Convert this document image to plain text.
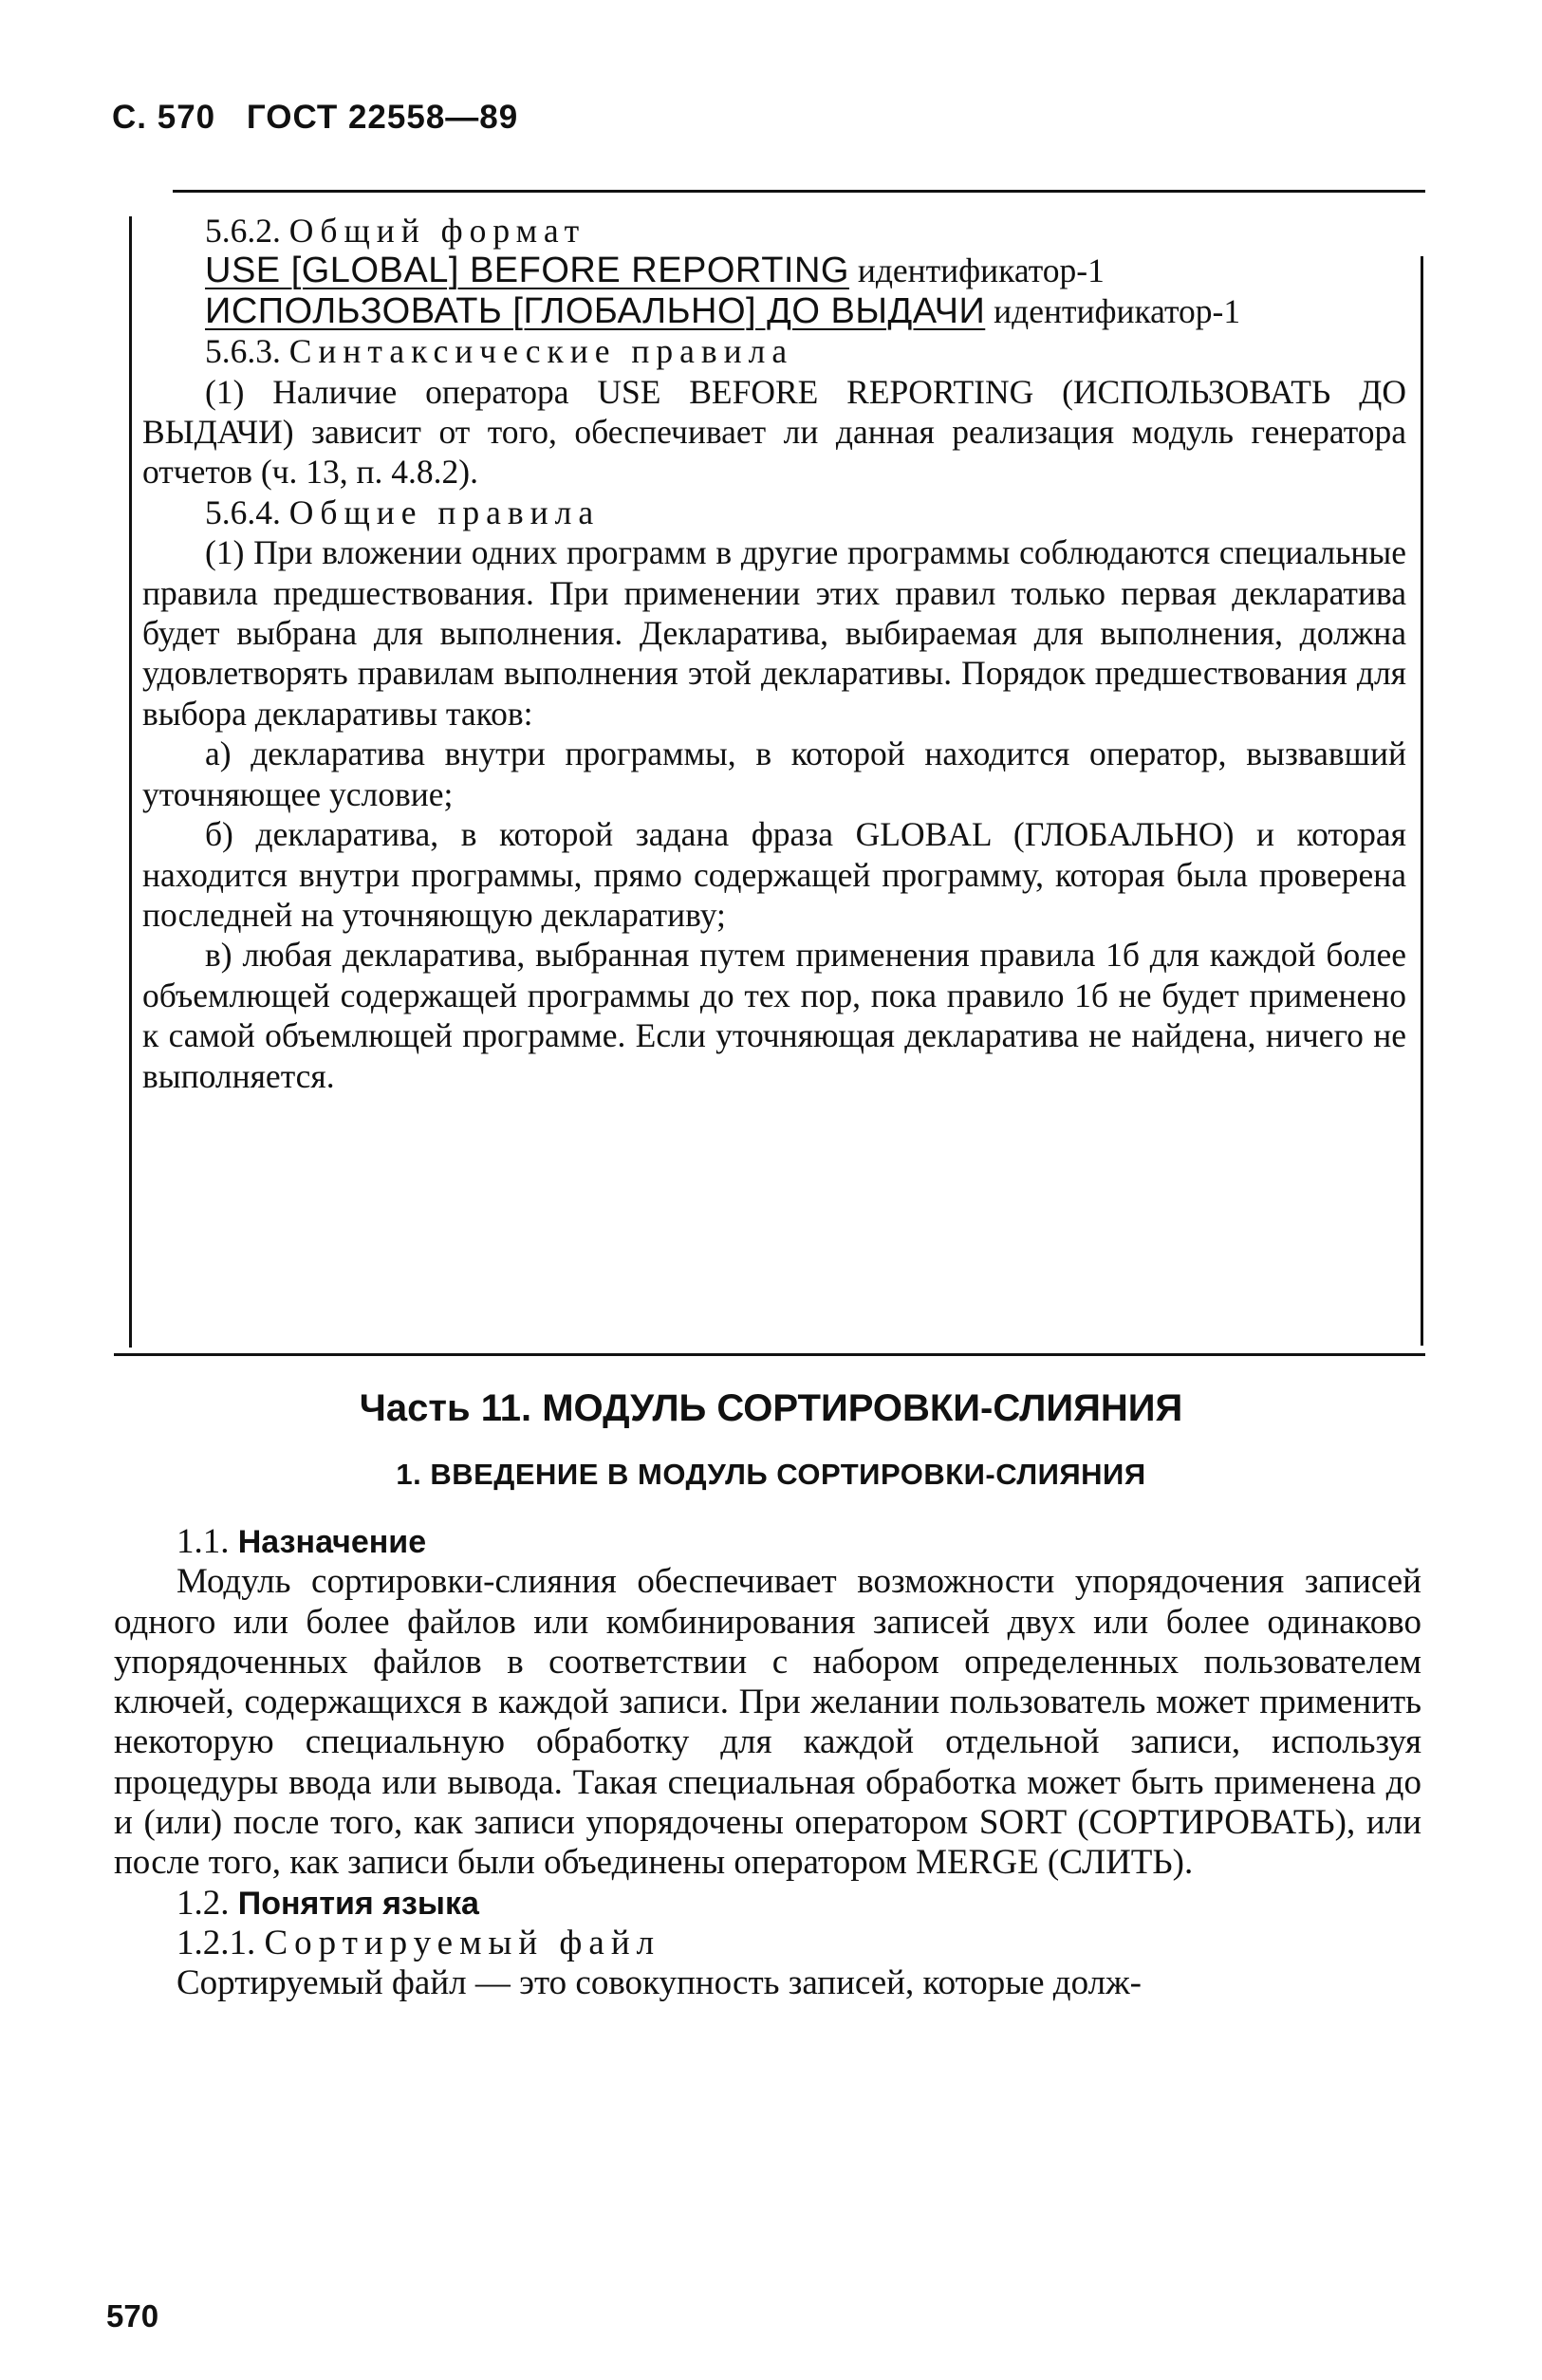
С. 570 ГОСТ 22558—89

5.6.2. Общий формат

USE [GLOBAL] BEFORE REPORTING идентификатор-1

ИСПОЛЬЗОВАТЬ [ГЛОБАЛЬНО] ДО ВЫДАЧИ идентификатор-1

5.6.3. Синтаксические правила

(1) Наличие оператора USE BEFORE REPORTING (ИСПОЛЬЗОВАТЬ ДО ВЫДАЧИ) зависит от того, обеспечивает ли данная реализация модуль генератора отчетов (ч. 13, п. 4.8.2).

5.6.4. Общие правила

(1) При вложении одних программ в другие программы соблюдаются специальные правила предшествования. При применении этих правил только первая декларатива будет выбрана для выполнения. Декларатива, выбираемая для выполнения, должна удовлетворять правилам выполнения этой декларативы. Порядок предшествования для выбора декларативы таков:

а) декларатива внутри программы, в которой находится оператор, вызвавший уточняющее условие;

б) декларатива, в которой задана фраза GLOBAL (ГЛОБАЛЬНО) и которая находится внутри программы, прямо содержащей программу, которая была проверена последней на уточняющую декларативу;

в) любая декларатива, выбранная путем применения правила 1б для каждой более объемлющей содержащей программы до тех пор, пока правило 1б не будет применено к самой объемлющей программе. Если уточняющая декларатива не найдена, ничего не выполняется.

Часть 11. МОДУЛЬ СОРТИРОВКИ-СЛИЯНИЯ
1. ВВЕДЕНИЕ В МОДУЛЬ СОРТИРОВКИ-СЛИЯНИЯ

1.1. Назначение

Модуль сортировки-слияния обеспечивает возможности упорядочения записей одного или более файлов или комбинирования записей двух или более одинаково упорядоченных файлов в соответствии с набором определенных пользователем ключей, содержащихся в каждой записи. При желании пользователь может применить некоторую специальную обработку для каждой отдельной записи, используя процедуры ввода или вывода. Такая специальная обработка может быть применена до и (или) после того, как записи упорядочены оператором SORT (СОРТИРОВАТЬ), или после того, как записи были объединены оператором MERGE (СЛИТЬ).

1.2. Понятия языка

1.2.1. Сортируемый файл

Сортируемый файл — это совокупность записей, которые долж-

570
